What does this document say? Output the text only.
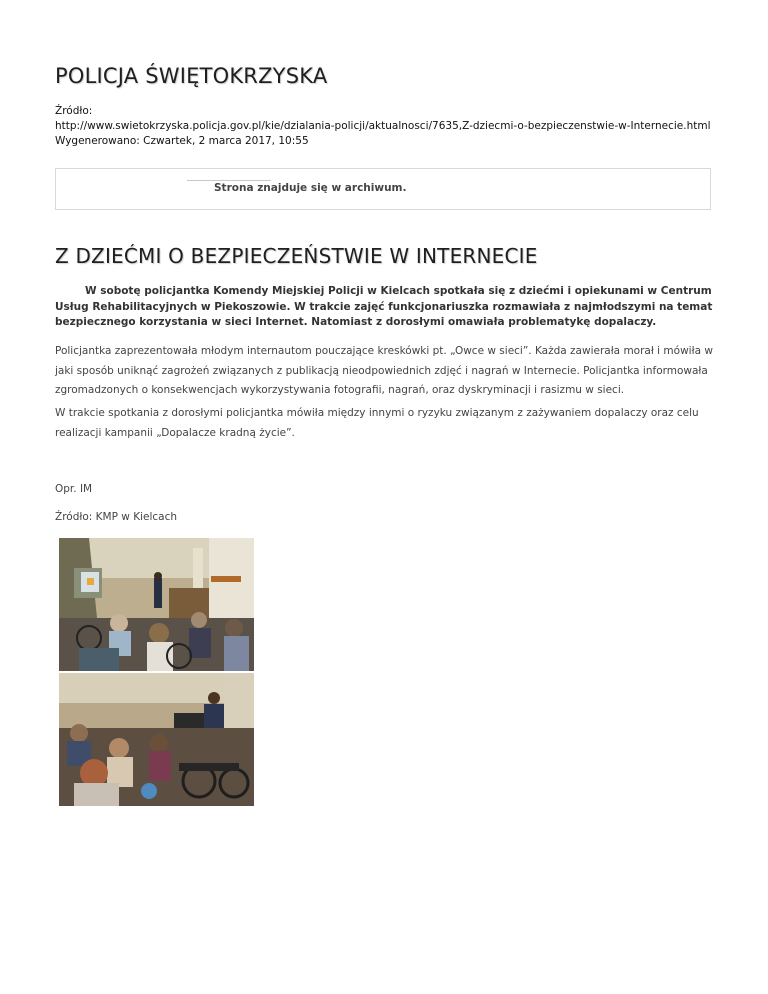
POLICJA ŚWIĘTOKRZYSKA
Źródło:
http://www.swietokrzyska.policja.gov.pl/kie/dzialania-policji/aktualnosci/7635,Z-dziecmi-o-bezpieczenstwie-w-Internecie.html
Wygenerowano: Czwartek, 2 marca 2017, 10:55
Strona znajduje się w archiwum.
Z DZIEĆMI O BEZPIECZEŃSTWIE W INTERNECIE

W sobotę policjantka Komendy Miejskiej Policji w Kielcach spotkała się z dziećmi i opiekunami w Centrum Usług Rehabilitacyjnych w Piekoszowie. W trakcie zajęć funkcjonariuszka rozmawiała z najmłodszymi na temat bezpiecznego korzystania w sieci Internet. Natomiast z dorosłymi omawiała problematykę dopalaczy.

Policjantka zaprezentowała młodym internautom pouczające kreskówki pt. „Owce w sieci”. Każda zawierała morał i mówiła w jaki sposób uniknąć zagrożeń związanych z publikacją nieodpowiednich zdjęć i nagrań w Internecie. Policjantka informowała zgromadzonych o konsekwencjach wykorzystywania fotografii, nagrań, oraz dyskryminacji i rasizmu w sieci.

W trakcie spotkania z dorosłymi policjantka mówiła między innymi o ryzyku związanym z zażywaniem dopalaczy oraz celu realizacji kampanii „Dopalacze kradną życie”.

Opr. IM
Źródło: KMP w Kielcach
